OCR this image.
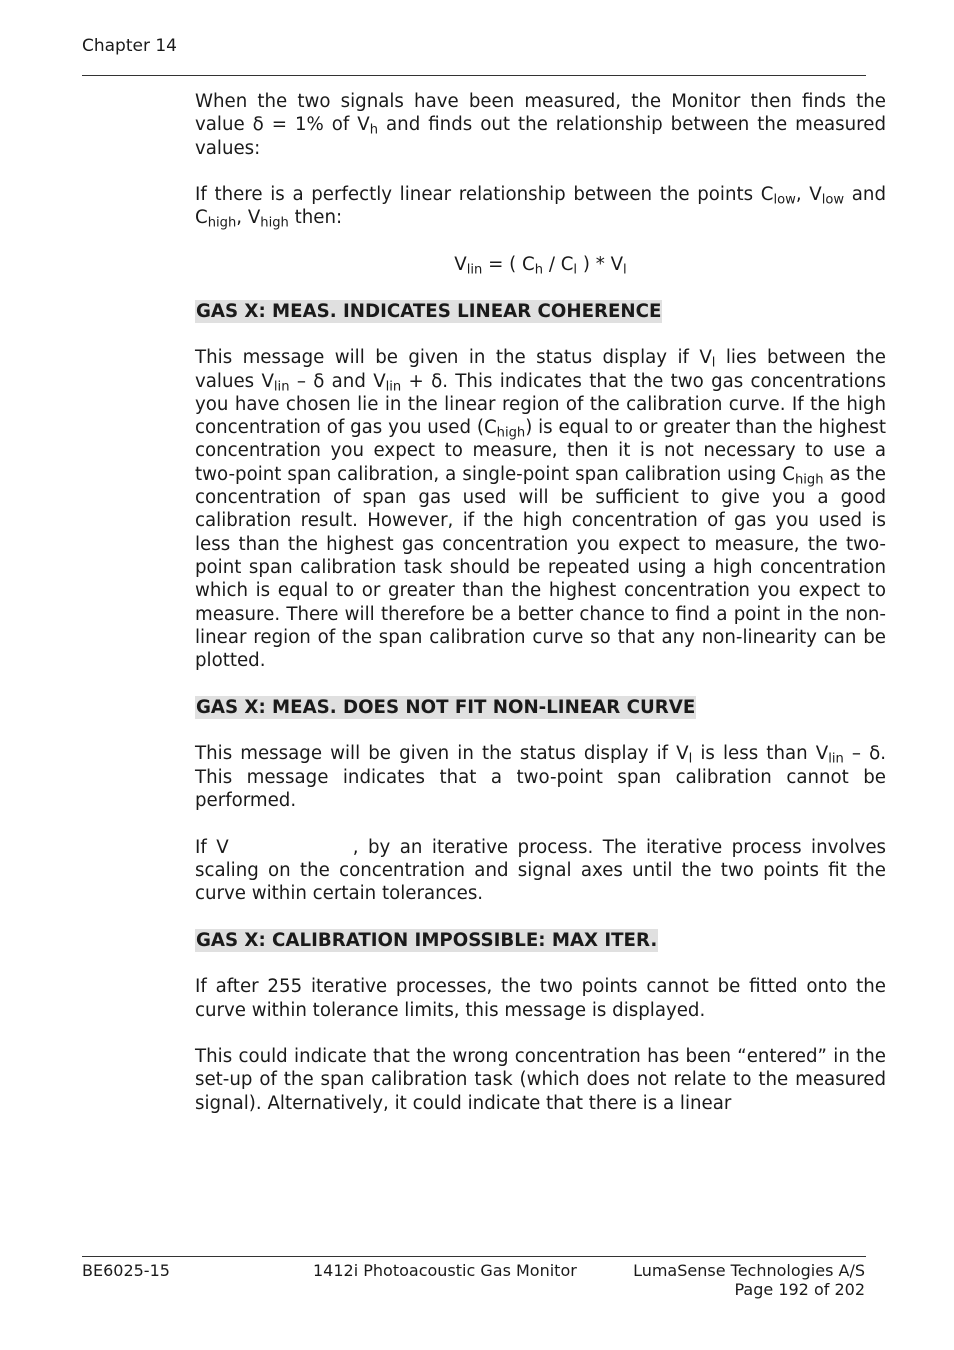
Chapter 14

When the two signals have been measured, the Monitor then finds the value δ = 1% of $V_h$ and finds out the relationship between the measured values:

If there is a perfectly linear relationship between the points $C_{low}$, $V_{low}$ and $C_{high}$, $V_{high}$ then:

$V_{lin}$ = ( $C_h / C_l$ ) * $V_l$

GAS X: MEAS. INDICATES LINEAR COHERENCE

This message will be given in the status display if $V_l$ lies between the values $V_{lin}$ – δ and $V_{lin} + \delta$. This indicates that the two gas concentrations you have chosen lie in the linear region of the calibration curve. If the high concentration of gas you used $(C_{high})$ is equal to or greater than the highest concentration you expect to measure, then it is not necessary to use a two-point span calibration, a single-point span calibration using $C_{high}$ as the concentration of span gas used will be sufficient to give you a good calibration result. However, if the high concentration of gas you used is less than the highest gas concentration you expect to measure, the two-point span calibration task should be repeated using a high concentration which is equal to or greater than the highest concentration you expect to measure. There will therefore be a better chance to find a point in the non-linear region of the span calibration curve so that any non-linearity can be plotted.

GAS X: MEAS. DOES NOT FIT NON-LINEAR CURVE

This message will be given in the status display if $V_l$ is less than $V_{lin}$ – δ. This message indicates that a two-point span calibration cannot be performed.

If V	, by an iterative process. The iterative process involves scaling on the concentration and signal axes until the two points fit the curve within certain tolerances.

GAS X: CALIBRATION IMPOSSIBLE: MAX ITER.

If after 255 iterative processes, the two points cannot be fitted onto the curve within tolerance limits, this message is displayed.

This could indicate that the wrong concentration has been “entered” in the set-up of the span calibration task (which does not relate to the measured signal). Alternatively, it could indicate that there is a linear

BE6025-15	1412i Photoacoustic Gas Monitor	LumaSense Technologies A/S
Page 192 of 202
